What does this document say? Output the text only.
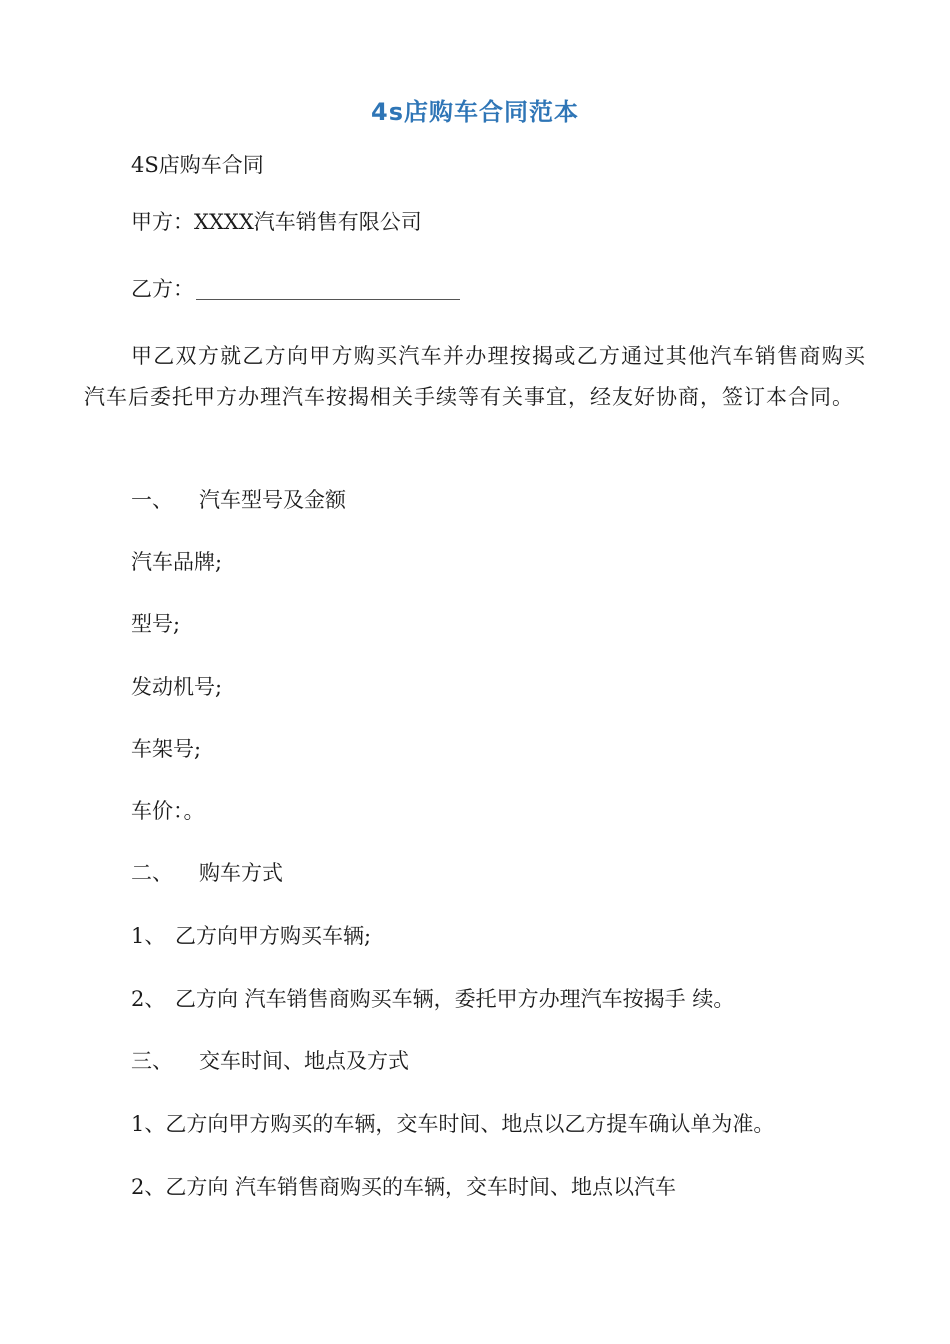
4s店购车合同范本
4S店购车合同
甲方：XXXX汽车销售有限公司
乙方：
甲乙双方就乙方向甲方购买汽车并办理按揭或乙方通过其他汽车销售商购买汽车后委托甲方办理汽车按揭相关手续等有关事宜，经友好协商，签订本合同。
一、 汽车型号及金额
汽车品牌;
型号;
发动机号;
车架号;
车价：。
二、 购车方式
1、 乙方向甲方购买车辆;
2、 乙方向 汽车销售商购买车辆，委托甲方办理汽车按揭手 续。
三、 交车时间、地点及方式
1、乙方向甲方购买的车辆，交车时间、地点以乙方提车确认单为准。
2、乙方向 汽车销售商购买的车辆，交车时间、地点以汽车
